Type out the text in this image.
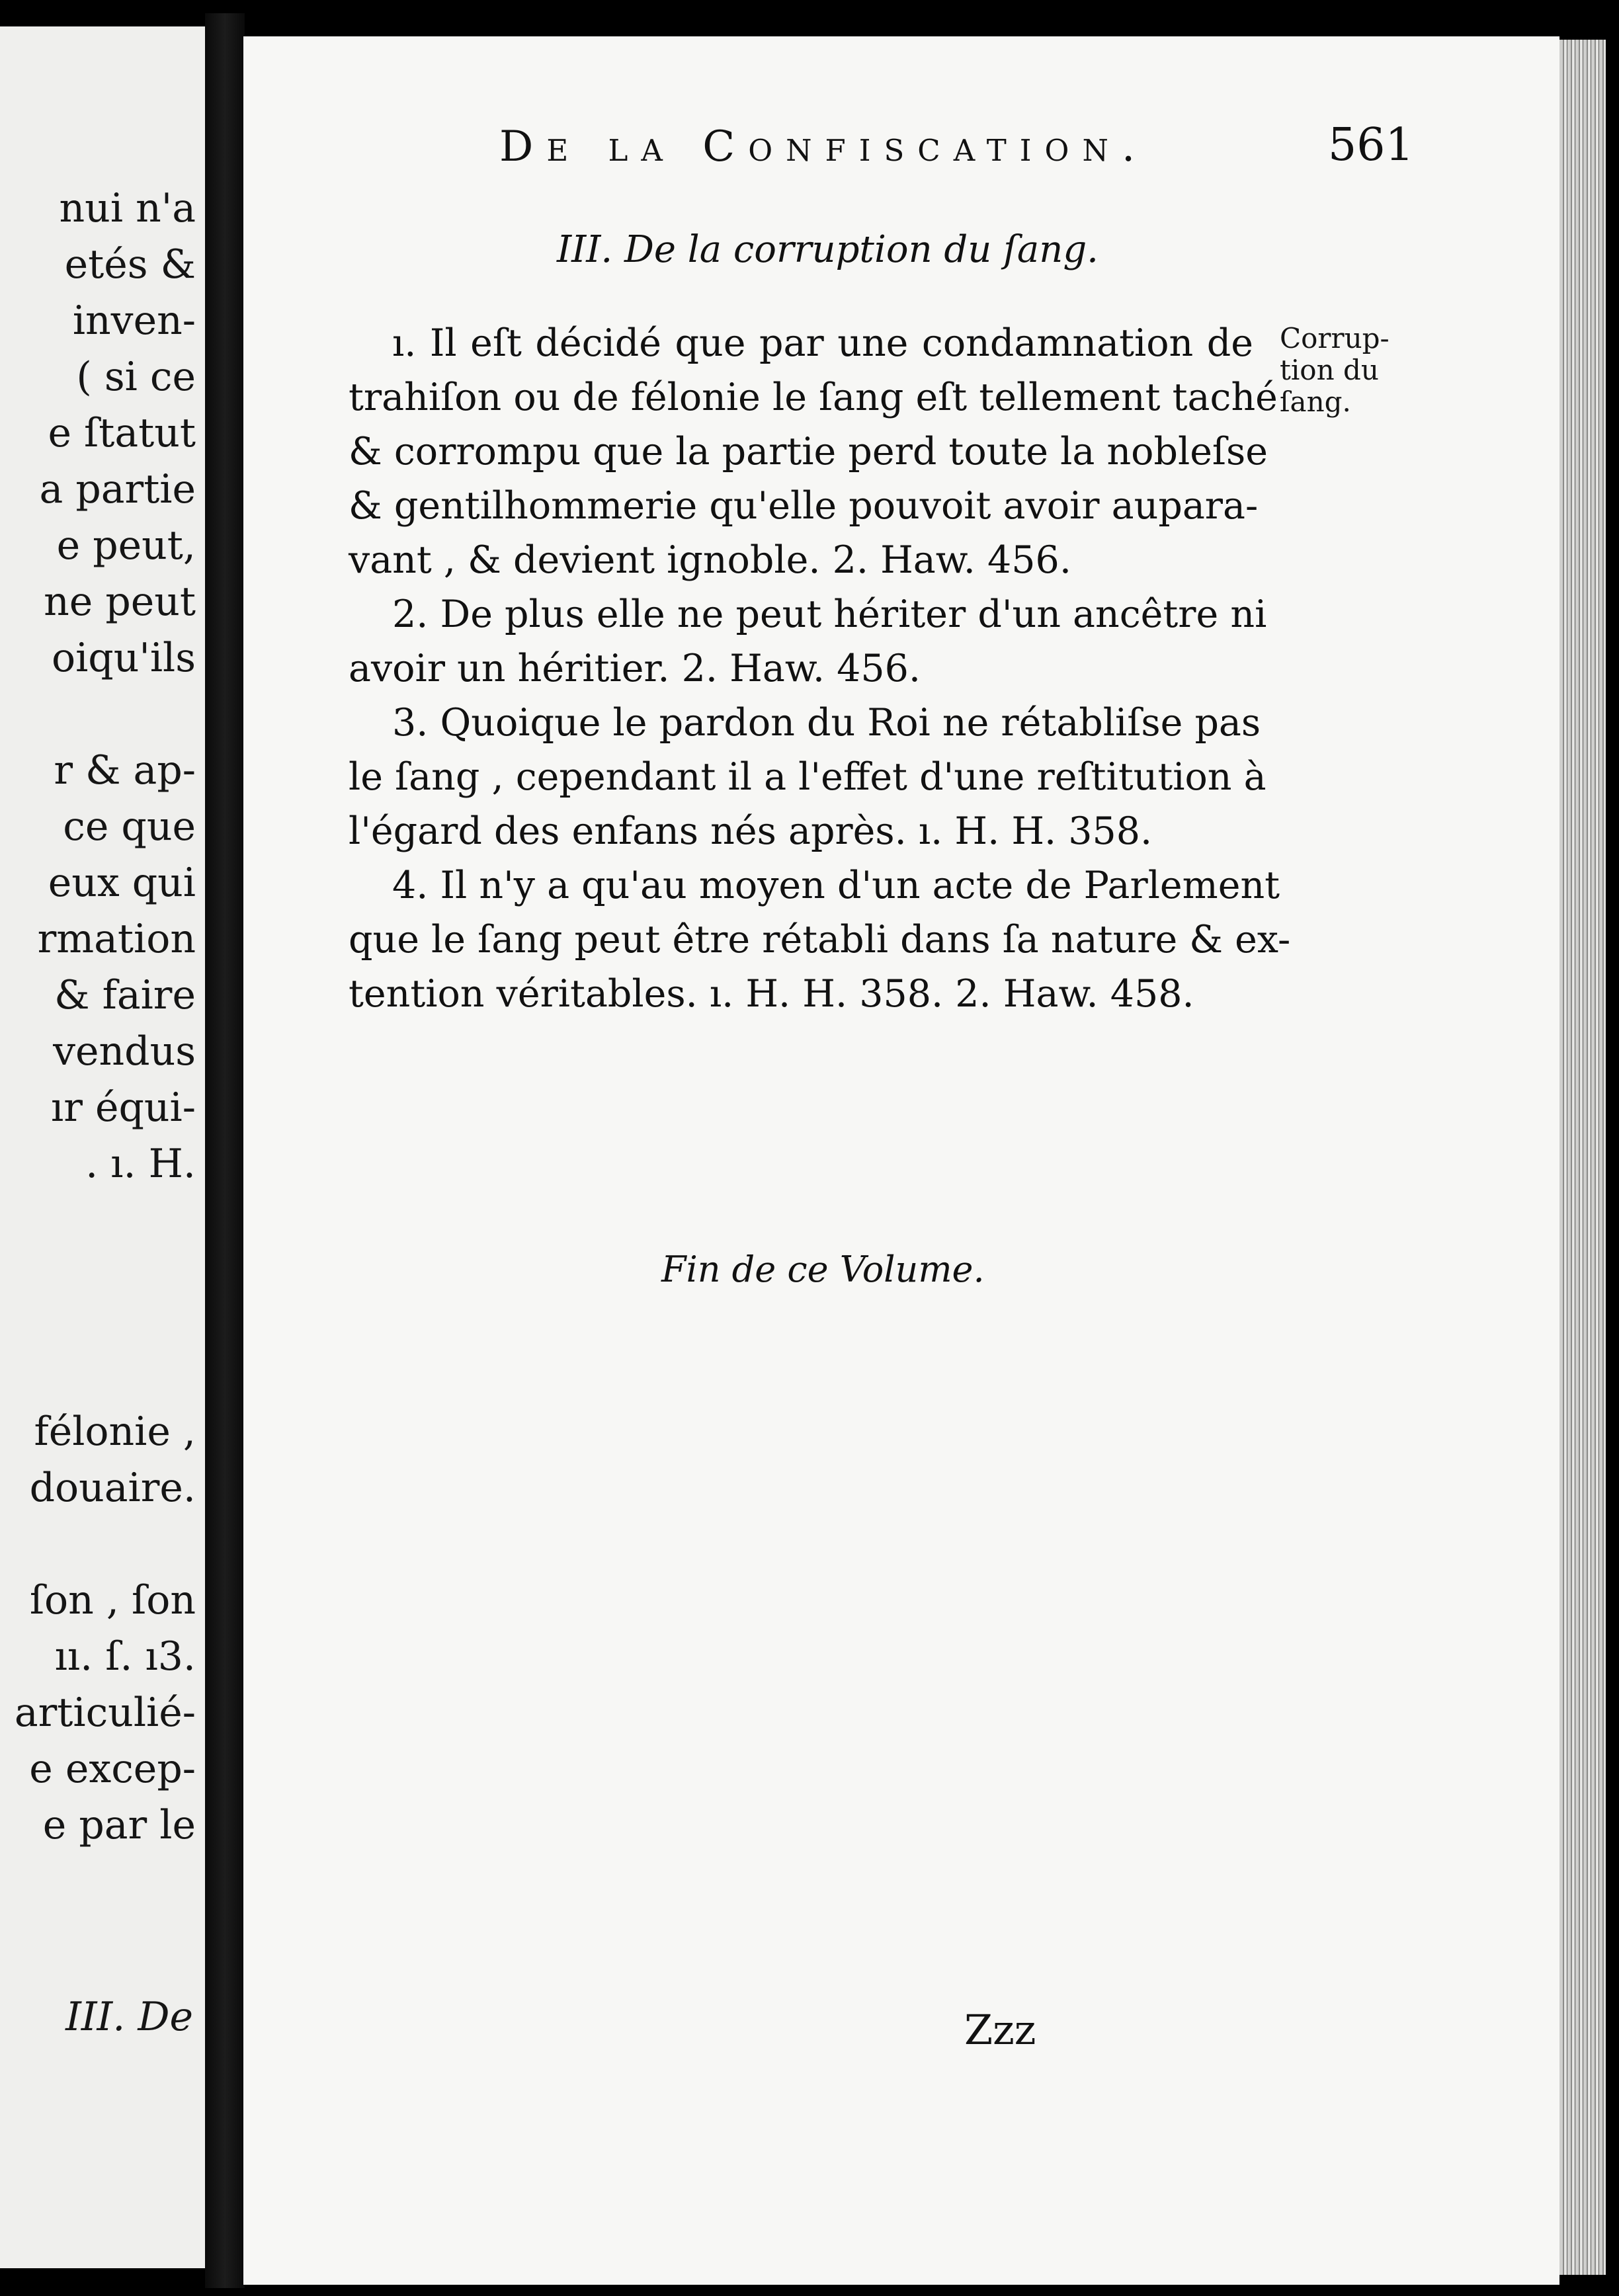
nui n'a
etés &
inven-
( si ce
e ſtatut
a partie
e peut,
ne peut
oiqu'ils
r & ap-
ce que
eux qui
rmation
& faire
vendus
ır équi-
. ı. H.
félonie ,
douaire.
ſon , ſon
ıı. ſ. ı3.
articulié-
e excep-
e par le
III. De
De la Confiscation.	561
III. De la corruption du ſang.
Corrup-tion du ſang.
ı. Il eſt décidé que par une condamnation de
trahiſon ou de félonie le ſang eſt tellement taché
& corrompu que la partie perd toute la nobleſse
& gentilhommerie qu'elle pouvoit avoir aupara-
vant , & devient ignoble. 2. Haw. 456.
2. De plus elle ne peut hériter d'un ancêtre ni
avoir un héritier. 2. Haw. 456.
3. Quoique le pardon du Roi ne rétabliſse pas
le ſang , cependant il a l'effet d'une reſtitution à
l'égard des enfans nés après. ı. H. H. 358.
4. Il n'y a qu'au moyen d'un acte de Parlement
que le ſang peut être rétabli dans ſa nature & ex-
tention véritables. ı. H. H. 358. 2. Haw. 458.
Fin de ce Volume.
Zzz
